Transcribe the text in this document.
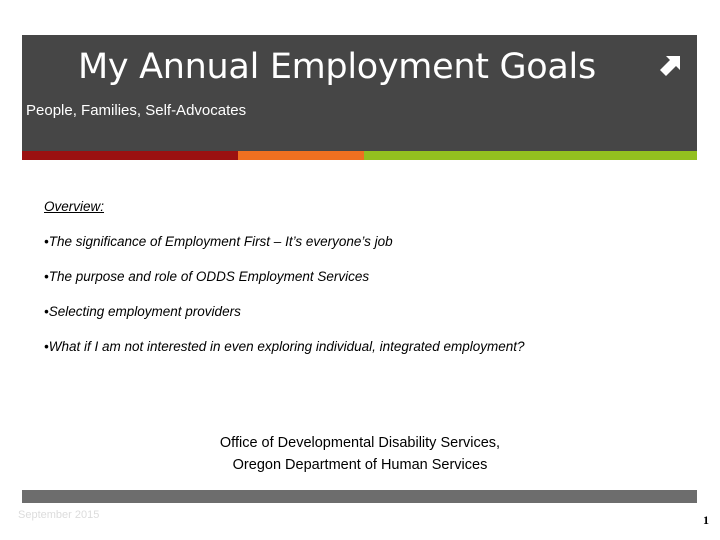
My Annual Employment Goals
People, Families, Self-Advocates
Overview:
•The significance of Employment First – It’s everyone’s job
•The purpose and role of ODDS Employment Services
•Selecting employment providers
•What if I am not interested in even exploring individual, integrated employment?
Office of Developmental Disability Services,
Oregon Department of Human Services
September 2015	1
